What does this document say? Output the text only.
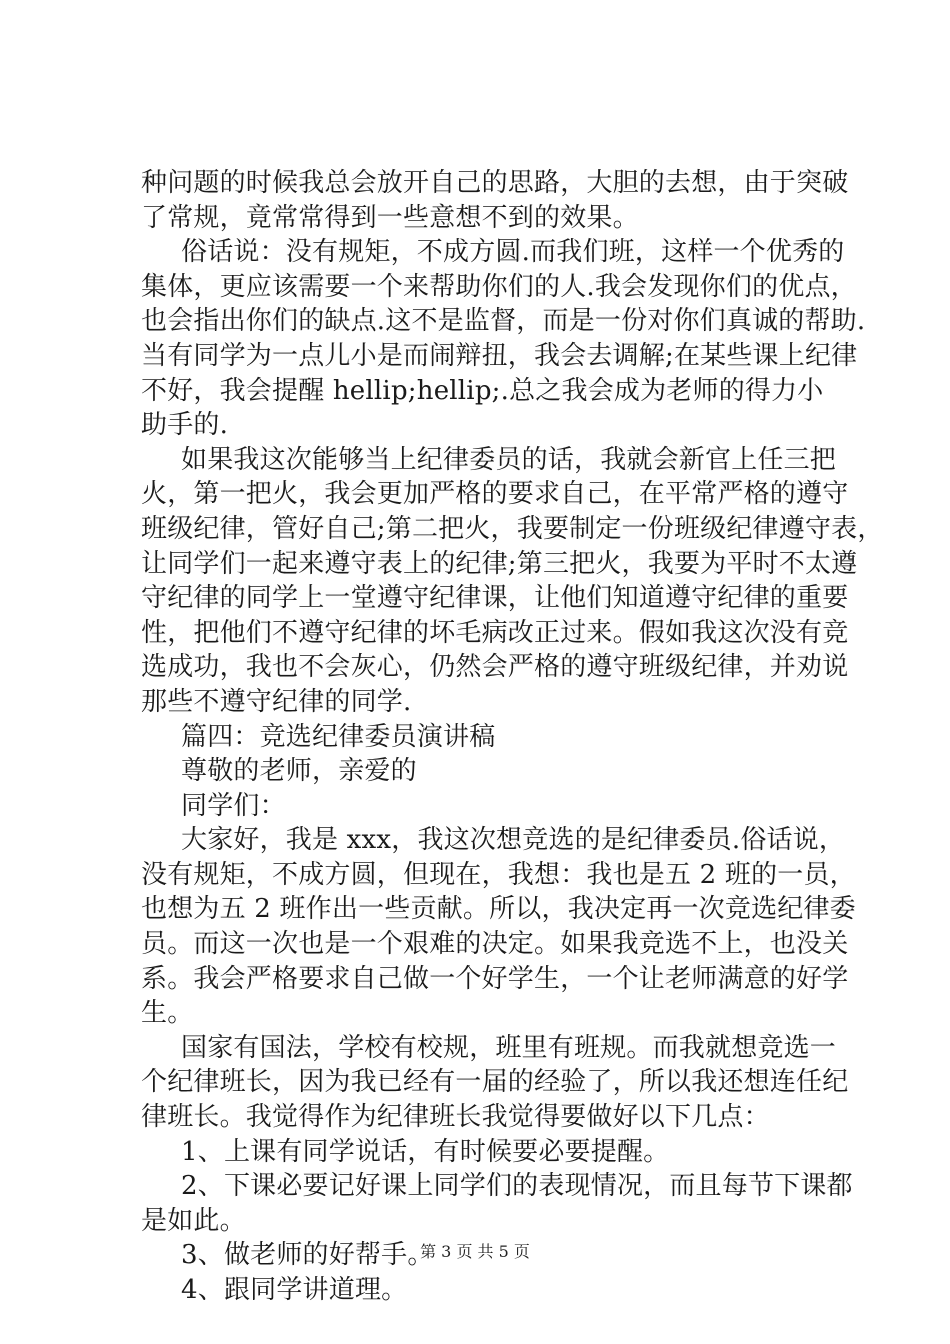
种问题的时候我总会放开自己的思路，大胆的去想，由于突破
了常规，竟常常得到一些意想不到的效果。
俗话说：没有规矩，不成方圆.而我们班，这样一个优秀的
集体，更应该需要一个来帮助你们的人.我会发现你们的优点，
也会指出你们的缺点.这不是监督，而是一份对你们真诚的帮助.
当有同学为一点儿小是而闹辩扭，我会去调解;在某些课上纪律
不好，我会提醒 hellip;hellip;.总之我会成为老师的得力小
助手的.
如果我这次能够当上纪律委员的话，我就会新官上任三把
火，第一把火，我会更加严格的要求自己，在平常严格的遵守
班级纪律，管好自己;第二把火，我要制定一份班级纪律遵守表，
让同学们一起来遵守表上的纪律;第三把火，我要为平时不太遵
守纪律的同学上一堂遵守纪律课，让他们知道遵守纪律的重要
性，把他们不遵守纪律的坏毛病改正过来。假如我这次没有竞
选成功，我也不会灰心，仍然会严格的遵守班级纪律，并劝说
那些不遵守纪律的同学.
篇四：竞选纪律委员演讲稿
尊敬的老师，亲爱的
同学们：
大家好，我是 xxx，我这次想竞选的是纪律委员.俗话说，
没有规矩，不成方圆，但现在，我想：我也是五 2 班的一员，
也想为五 2 班作出一些贡献。所以，我决定再一次竞选纪律委
员。而这一次也是一个艰难的决定。如果我竞选不上，也没关
系。我会严格要求自己做一个好学生，一个让老师满意的好学
生。
国家有国法，学校有校规，班里有班规。而我就想竞选一
个纪律班长，因为我已经有一届的经验了，所以我还想连任纪
律班长。我觉得作为纪律班长我觉得要做好以下几点：
1、上课有同学说话，有时候要必要提醒。
2、下课必要记好课上同学们的表现情况，而且每节下课都
是如此。
3、做老师的好帮手。
4、跟同学讲道理。
第 3 页 共 5 页
